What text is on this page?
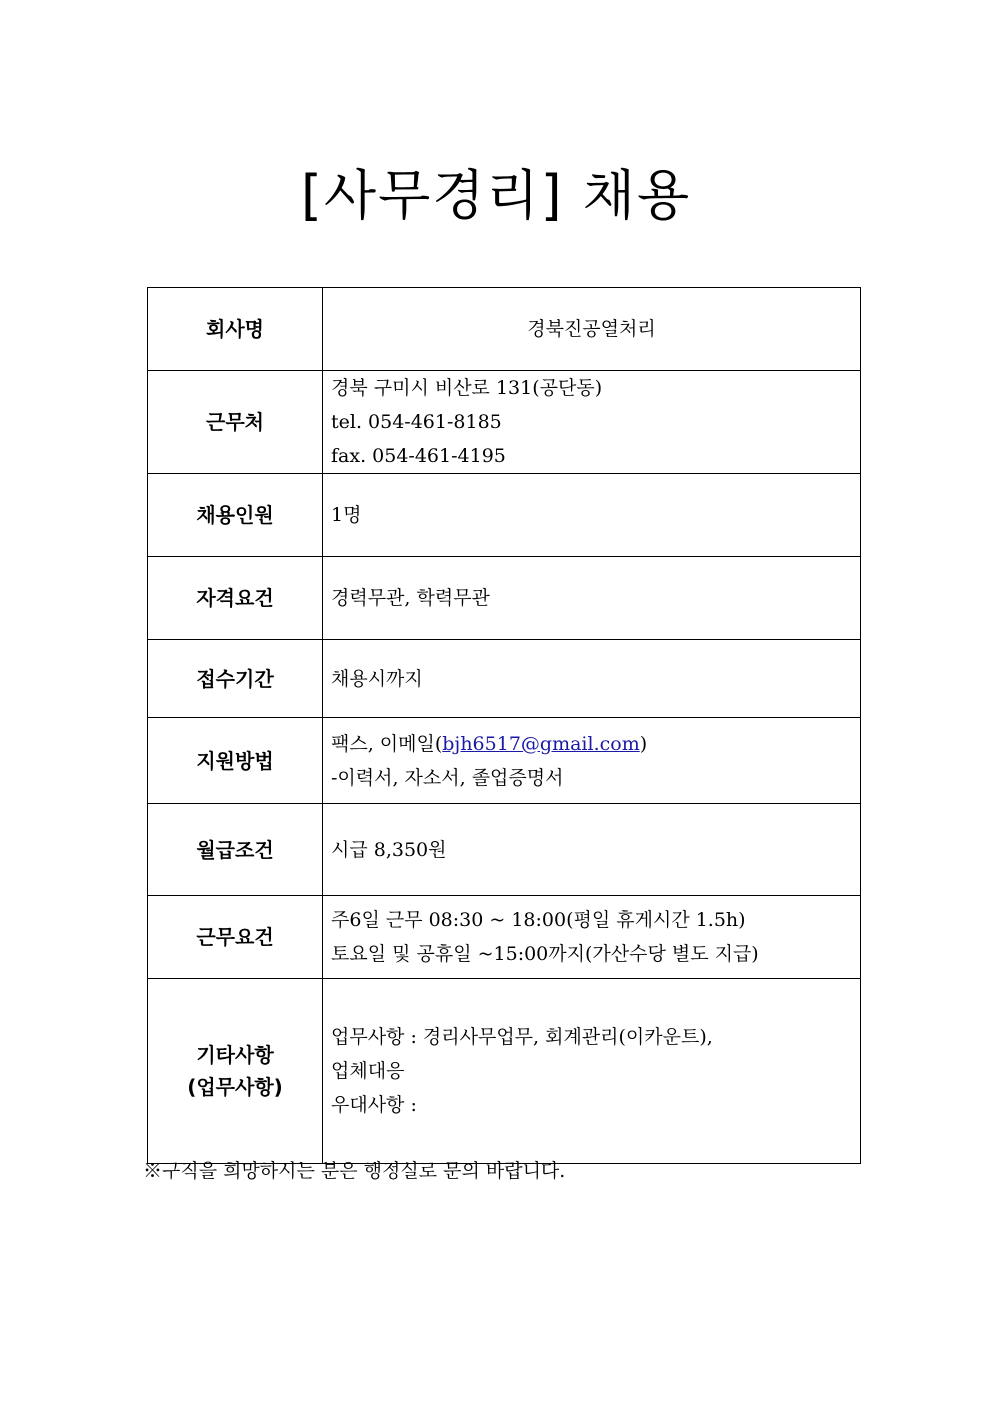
[사무경리] 채용
회사명	경북진공열처리
근무처	경북 구미시 비산로 131(공단동)
tel. 054-461-8185
fax. 054-461-4195

채용인원	1명
자격요건	경력무관, 학력무관
접수기간	채용시까지
지원방법	팩스, 이메일(bjh6517@gmail.com)
-이력서, 자소서, 졸업증명서

월급조건	시급 8,350원
근무요건	주6일 근무 08:30 ~ 18:00(평일 휴게시간 1.5h)
토요일 및 공휴일 ~15:00까지(가산수당 별도 지급)

기타사항
(업무사항)	업무사항 : 경리사무업무, 회계관리(이카운트),
업체대응
우대사항 :
※구직을 희망하시는 분은 행정실로 문의 바랍니다.
